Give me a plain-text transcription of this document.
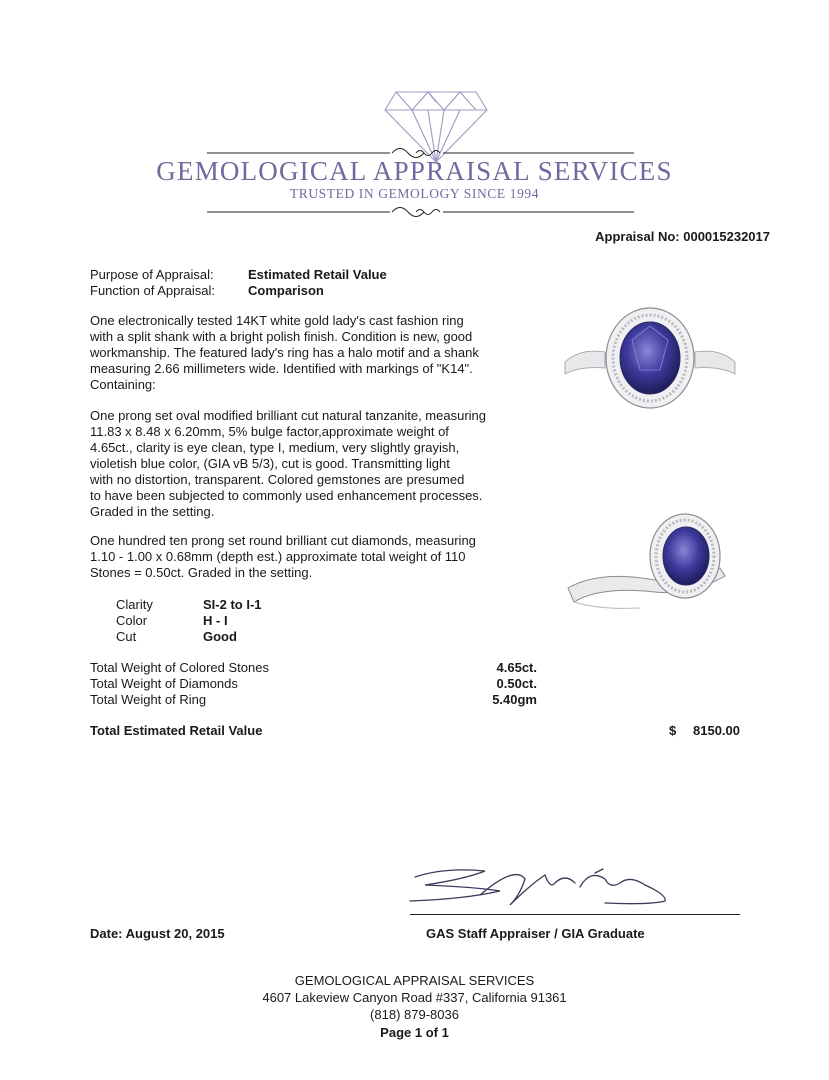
GEMOLOGICAL APPRAISAL SERVICES
TRUSTED IN GEMOLOGY SINCE 1994
Appraisal No: 000015232017
Purpose of Appraisal:	Estimated Retail Value
Function of Appraisal:	Comparison
One electronically tested 14KT white gold lady's cast fashion ring
with a split shank with a bright polish finish. Condition is new, good
workmanship. The featured lady's ring has a halo motif and a shank
measuring 2.66 millimeters wide. Identified with markings of "K14".
Containing:
One prong set oval modified brilliant cut natural tanzanite, measuring
11.83 x 8.48 x 6.20mm, 5% bulge factor,approximate weight of
4.65ct., clarity is eye clean, type I, medium, very slightly grayish,
violetish blue color, (GIA vB 5/3), cut is good. Transmitting light
with no distortion, transparent. Colored gemstones are presumed
to have been subjected to commonly used enhancement processes.
Graded in the setting.
One hundred ten prong set round brilliant cut diamonds, measuring
1.10 - 1.00 x 0.68mm (depth est.) approximate total weight of 110
Stones = 0.50ct. Graded in the setting.
Clarity	SI-2 to I-1
Color	H - I
Cut	Good
Total Weight of Colored Stones	4.65ct.
Total Weight of Diamonds	0.50ct.
Total Weight of Ring	5.40gm
Total Estimated Retail Value	$ 8150.00
Date: August 20, 2015	GAS Staff Appraiser / GIA Graduate
GEMOLOGICAL APPRAISAL SERVICES
4607 Lakeview Canyon Road #337, California 91361
(818) 879-8036
Page 1 of 1
